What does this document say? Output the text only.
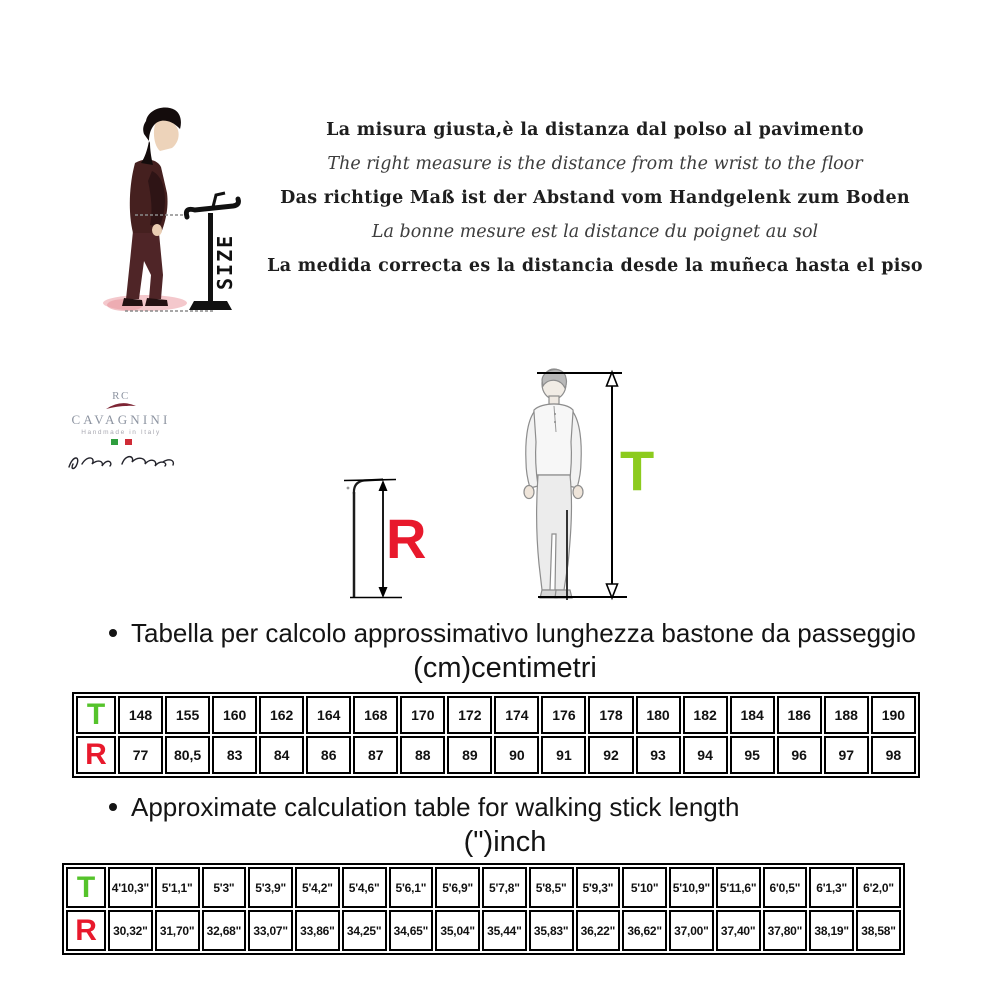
SIZE
La misura giusta,è la distanza dal polso al pavimento
The right measure is the distance from the wrist to the floor
Das richtige Maß ist der Abstand vom Handgelenk zum Boden
La bonne mesure est la distance du poignet au sol
La medida correcta es la distancia desde la muñeca hasta el piso
RC
CAVAGNINI
Handmade in Italy
R
T
Tabella per calcolo approssimativo lunghezza bastone da passeggio
(cm)centimetri
T	148	155	160	162	164	168	170	172	174	176	178	180	182	184	186	188	190
R	77	80,5	83	84	86	87	88	89	90	91	92	93	94	95	96	97	98
Approximate calculation table for walking stick length
(")inch
T	4'10,3"	5'1,1"	5'3"	5'3,9"	5'4,2"	5'4,6"	5'6,1"	5'6,9"	5'7,8"	5'8,5"	5'9,3"	5'10"	5'10,9"	5'11,6"	6'0,5"	6'1,3"	6'2,0"
R	30,32"	31,70"	32,68"	33,07"	33,86"	34,25"	34,65"	35,04"	35,44"	35,83"	36,22"	36,62"	37,00"	37,40"	37,80"	38,19"	38,58"
